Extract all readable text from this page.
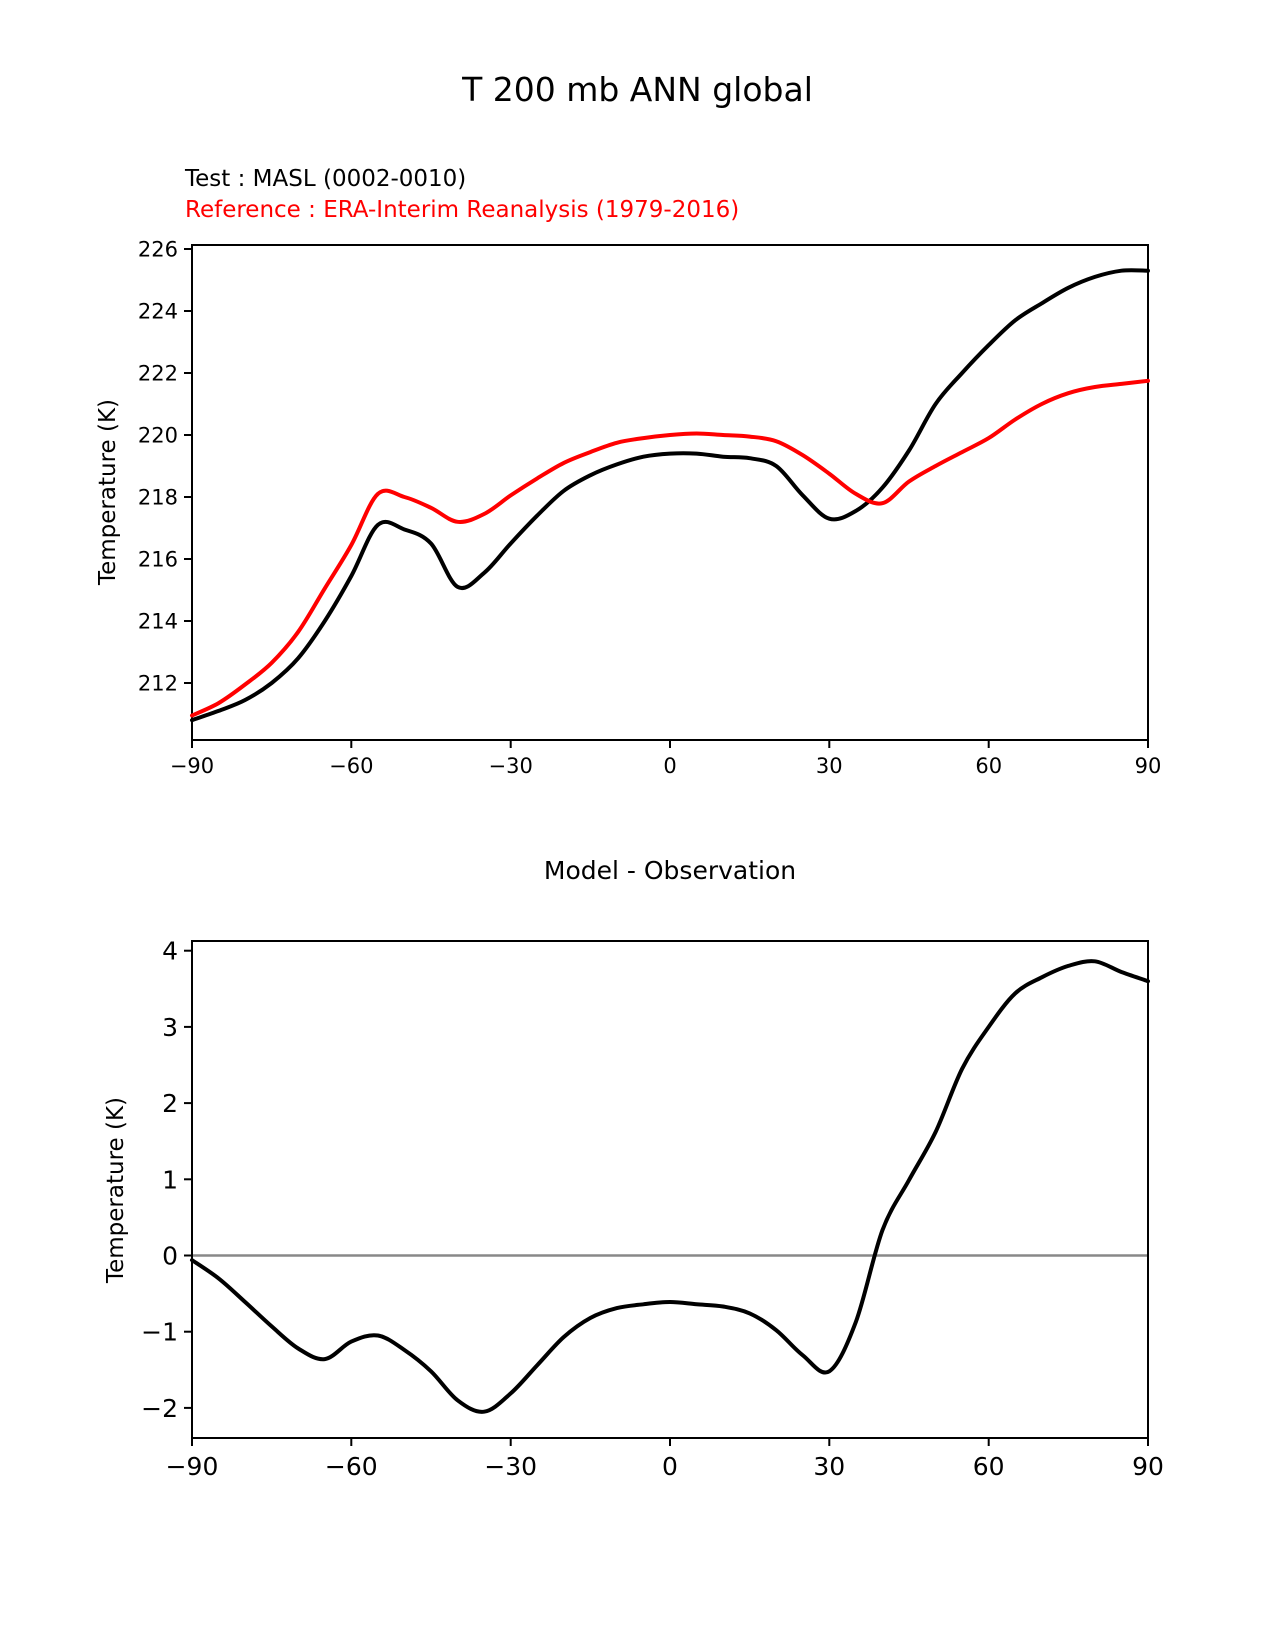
T 200 mb ANN global
Test : MASL (0002-0010)
Reference : ERA-Interim Reanalysis (1979-2016)
Model - Observation
Temperature (K)
Temperature (K)
−90	−60	−30	0	30	60	90
212
214
216
218
220
222
224
226
−90	−60	−30	0	30	60	90
−2
−1
0
1
2
3
4
